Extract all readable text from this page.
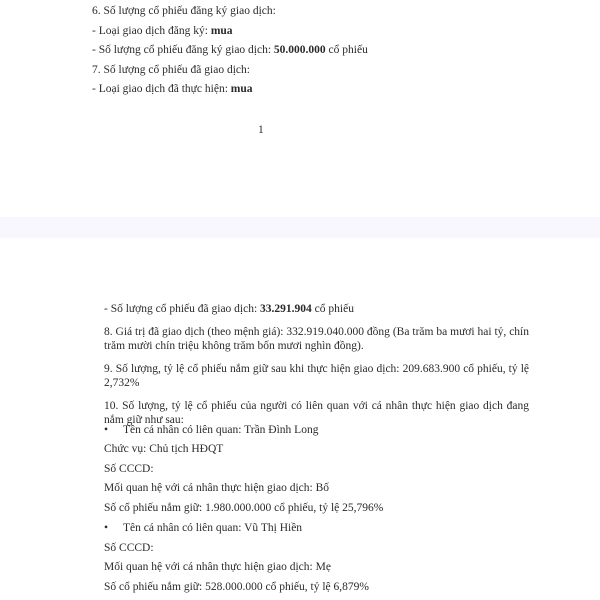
6. Số lượng cổ phiếu đăng ký giao dịch:
- Loại giao dịch đăng ký: mua
- Số lượng cổ phiếu đăng ký giao dịch: 50.000.000 cổ phiếu
7. Số lượng cổ phiếu đã giao dịch:
- Loại giao dịch đã thực hiện: mua
1
- Số lượng cổ phiếu đã giao dịch: 33.291.904 cổ phiếu
8. Giá trị đã giao dịch (theo mệnh giá): 332.919.040.000 đồng (Ba trăm ba mươi hai tỷ, chín trăm mười chín triệu không trăm bốn mươi nghìn đồng).
9. Số lượng, tỷ lệ cổ phiếu nắm giữ sau khi thực hiện giao dịch: 209.683.900 cổ phiếu, tỷ lệ 2,732%
10. Số lượng, tỷ lệ cổ phiếu của người có liên quan với cá nhân thực hiện giao dịch đang nắm giữ như sau:
• Tên cá nhân có liên quan: Trần Đình Long
Chức vụ: Chủ tịch HĐQT
Số CCCD:
Mối quan hệ với cá nhân thực hiện giao dịch: Bố
Số cổ phiếu nắm giữ: 1.980.000.000 cổ phiếu, tỷ lệ 25,796%
• Tên cá nhân có liên quan: Vũ Thị Hiền
Số CCCD:
Mối quan hệ với cá nhân thực hiện giao dịch: Mẹ
Số cổ phiếu nắm giữ: 528.000.000 cổ phiếu, tỷ lệ 6,879%
